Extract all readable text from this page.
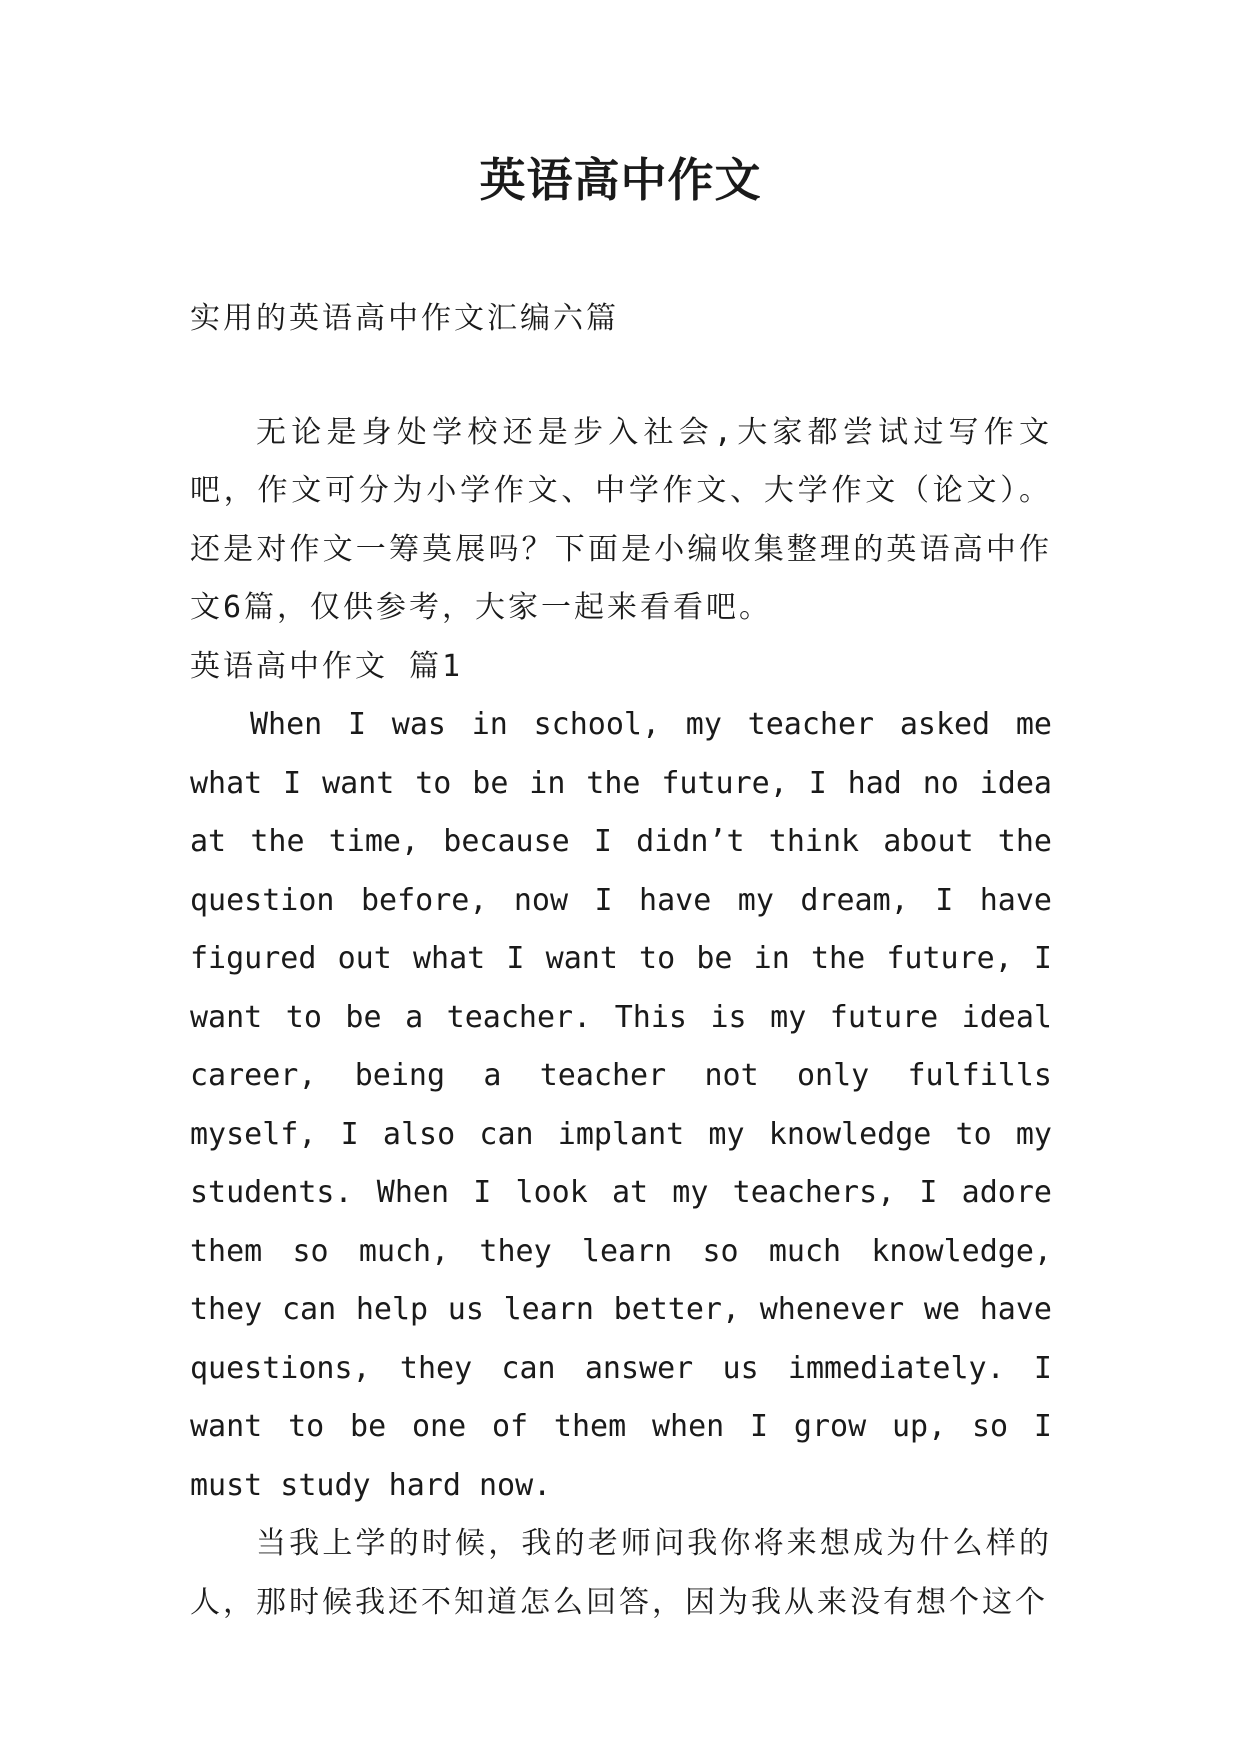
英语高中作文

实用的英语高中作文汇编六篇

无论是身处学校还是步入社会,大家都尝试过写作文吧，作文可分为小学作文、中学作文、大学作文（论文）。还是对作文一筹莫展吗？下面是小编收集整理的英语高中作文6篇，仅供参考，大家一起来看看吧。

英语高中作文 篇1

When I was in school, my teacher asked me what I want to be in the future, I had no idea at the time, because I didn’t think about the question before, now I have my dream, I have figured out what I want to be in the future, I want to be a teacher. This is my future ideal career, being a teacher not only fulfills myself, I also can implant my knowledge to my students. When I look at my teachers, I adore them so much, they learn so much knowledge, they can help us learn better, whenever we have questions, they can answer us immediately. I want to be one of them when I grow up, so I must study hard now.

当我上学的时候，我的老师问我你将来想成为什么样的人，那时候我还不知道怎么回答，因为我从来没有想个这个
